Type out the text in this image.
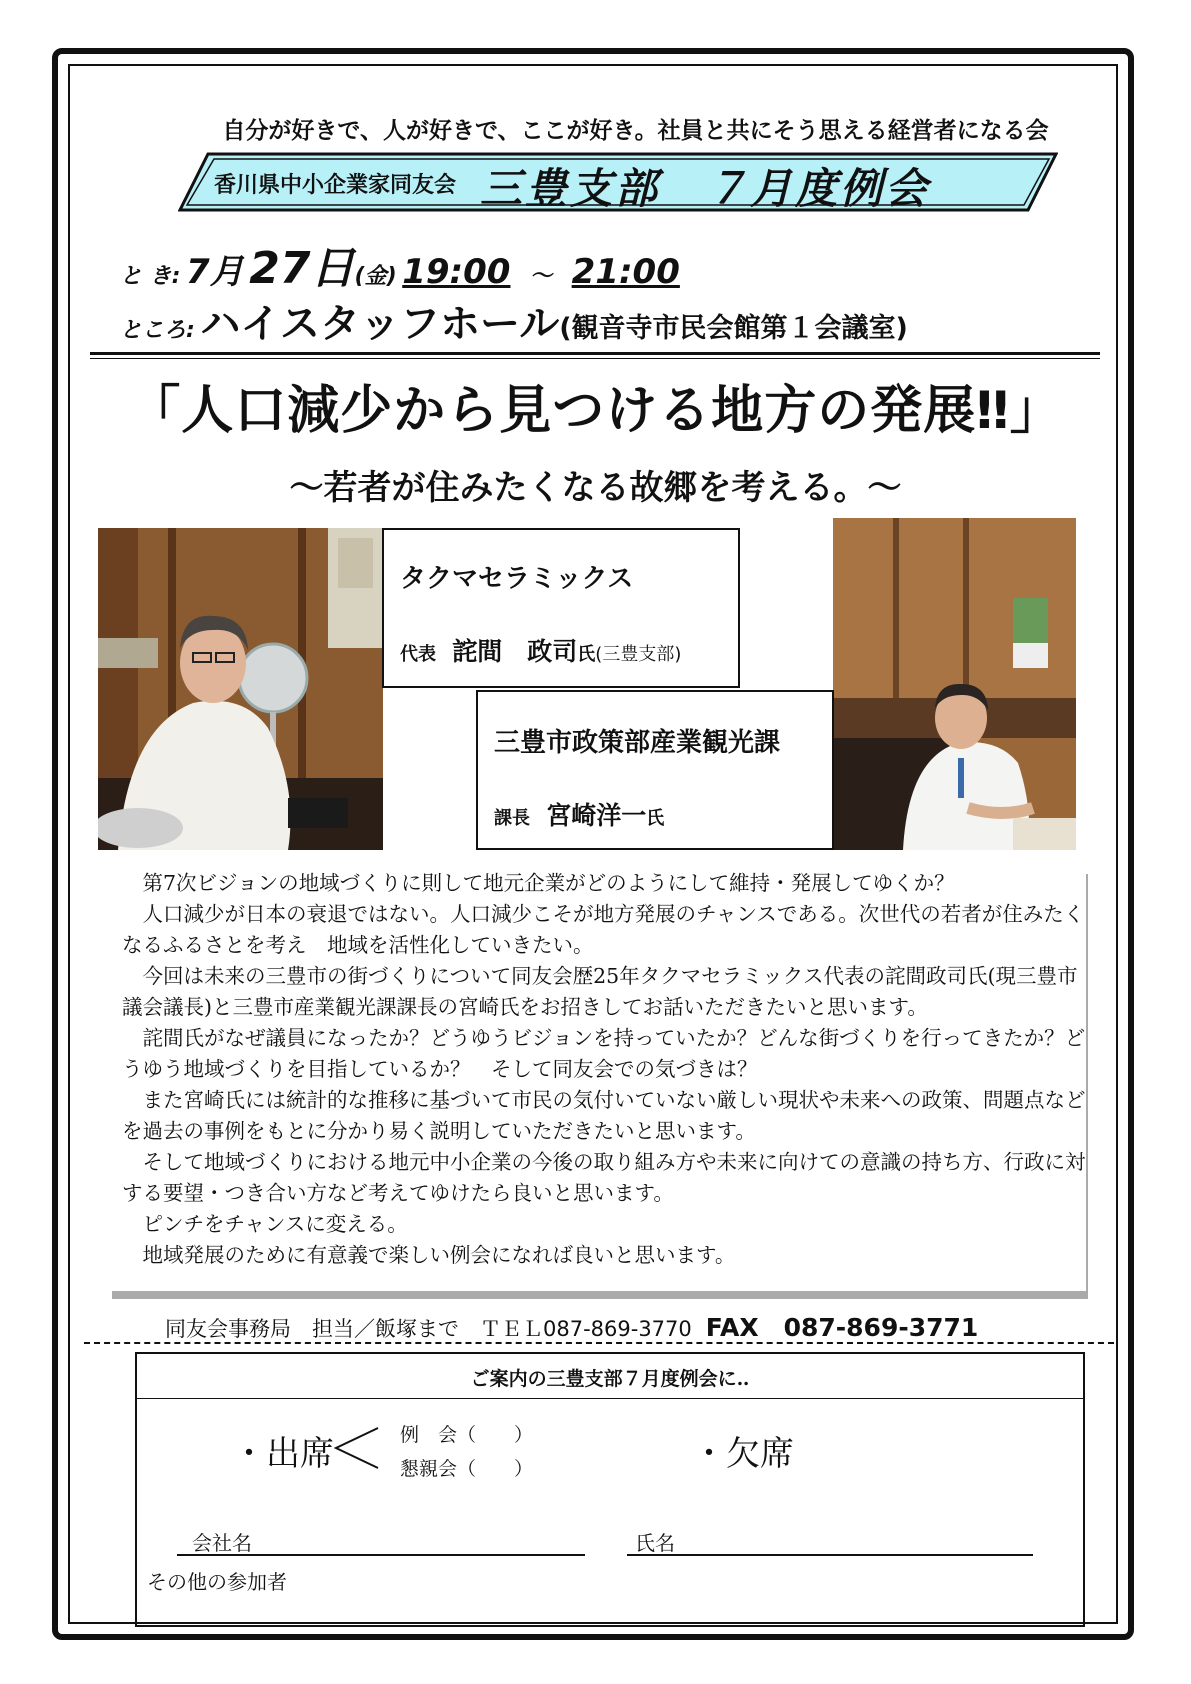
自分が好きで、人が好きで、ここが好き。社員と共にそう思える経営者になる会
香川県中小企業家同友会 三豊支部　７月度例会
と き: 7月 27日(金) 19:00 ～ 21:00
ところ: ハイスタッフホール(観音寺市民会館第１会議室)
「人口減少から見つける地方の発展‼」
～若者が住みたくなる故郷を考える。～
タクマセラミックス
代表 詫間　政司氏(三豊支部)
三豊市政策部産業観光課
課長 宮崎洋一氏

第7次ビジョンの地域づくりに則して地元企業がどのようにして維持・発展してゆくか？

人口減少が日本の衰退ではない。人口減少こそが地方発展のチャンスである。次世代の若者が住みたくなるふるさとを考え　地域を活性化していきたい。

今回は未来の三豊市の街づくりについて同友会歴25年タクマセラミックス代表の詫間政司氏(現三豊市議会議長)と三豊市産業観光課課長の宮崎氏をお招きしてお話いただきたいと思います。

詫間氏がなぜ議員になったか？どうゆうビジョンを持っていたか？どんな街づくりを行ってきたか？どうゆう地域づくりを目指しているか？　そして同友会での気づきは？

また宮崎氏には統計的な推移に基づいて市民の気付いていない厳しい現状や未来への政策、問題点などを過去の事例をもとに分かり易く説明していただきたいと思います。

そして地域づくりにおける地元中小企業の今後の取り組み方や未来に向けての意識の持ち方、行政に対する要望・つき合い方など考えてゆけたら良いと思います。

ピンチをチャンスに変える。

地域発展のために有意義で楽しい例会になれば良いと思います。

同友会事務局　担当／飯塚まで　ＴＥＬ087-869-3770 FAX　087-869-3771
ご案内の三豊支部７月度例会に‥
・出席	例　会（　　）
懇親会（　　）	・欠席
会社名	氏名
その他の参加者
